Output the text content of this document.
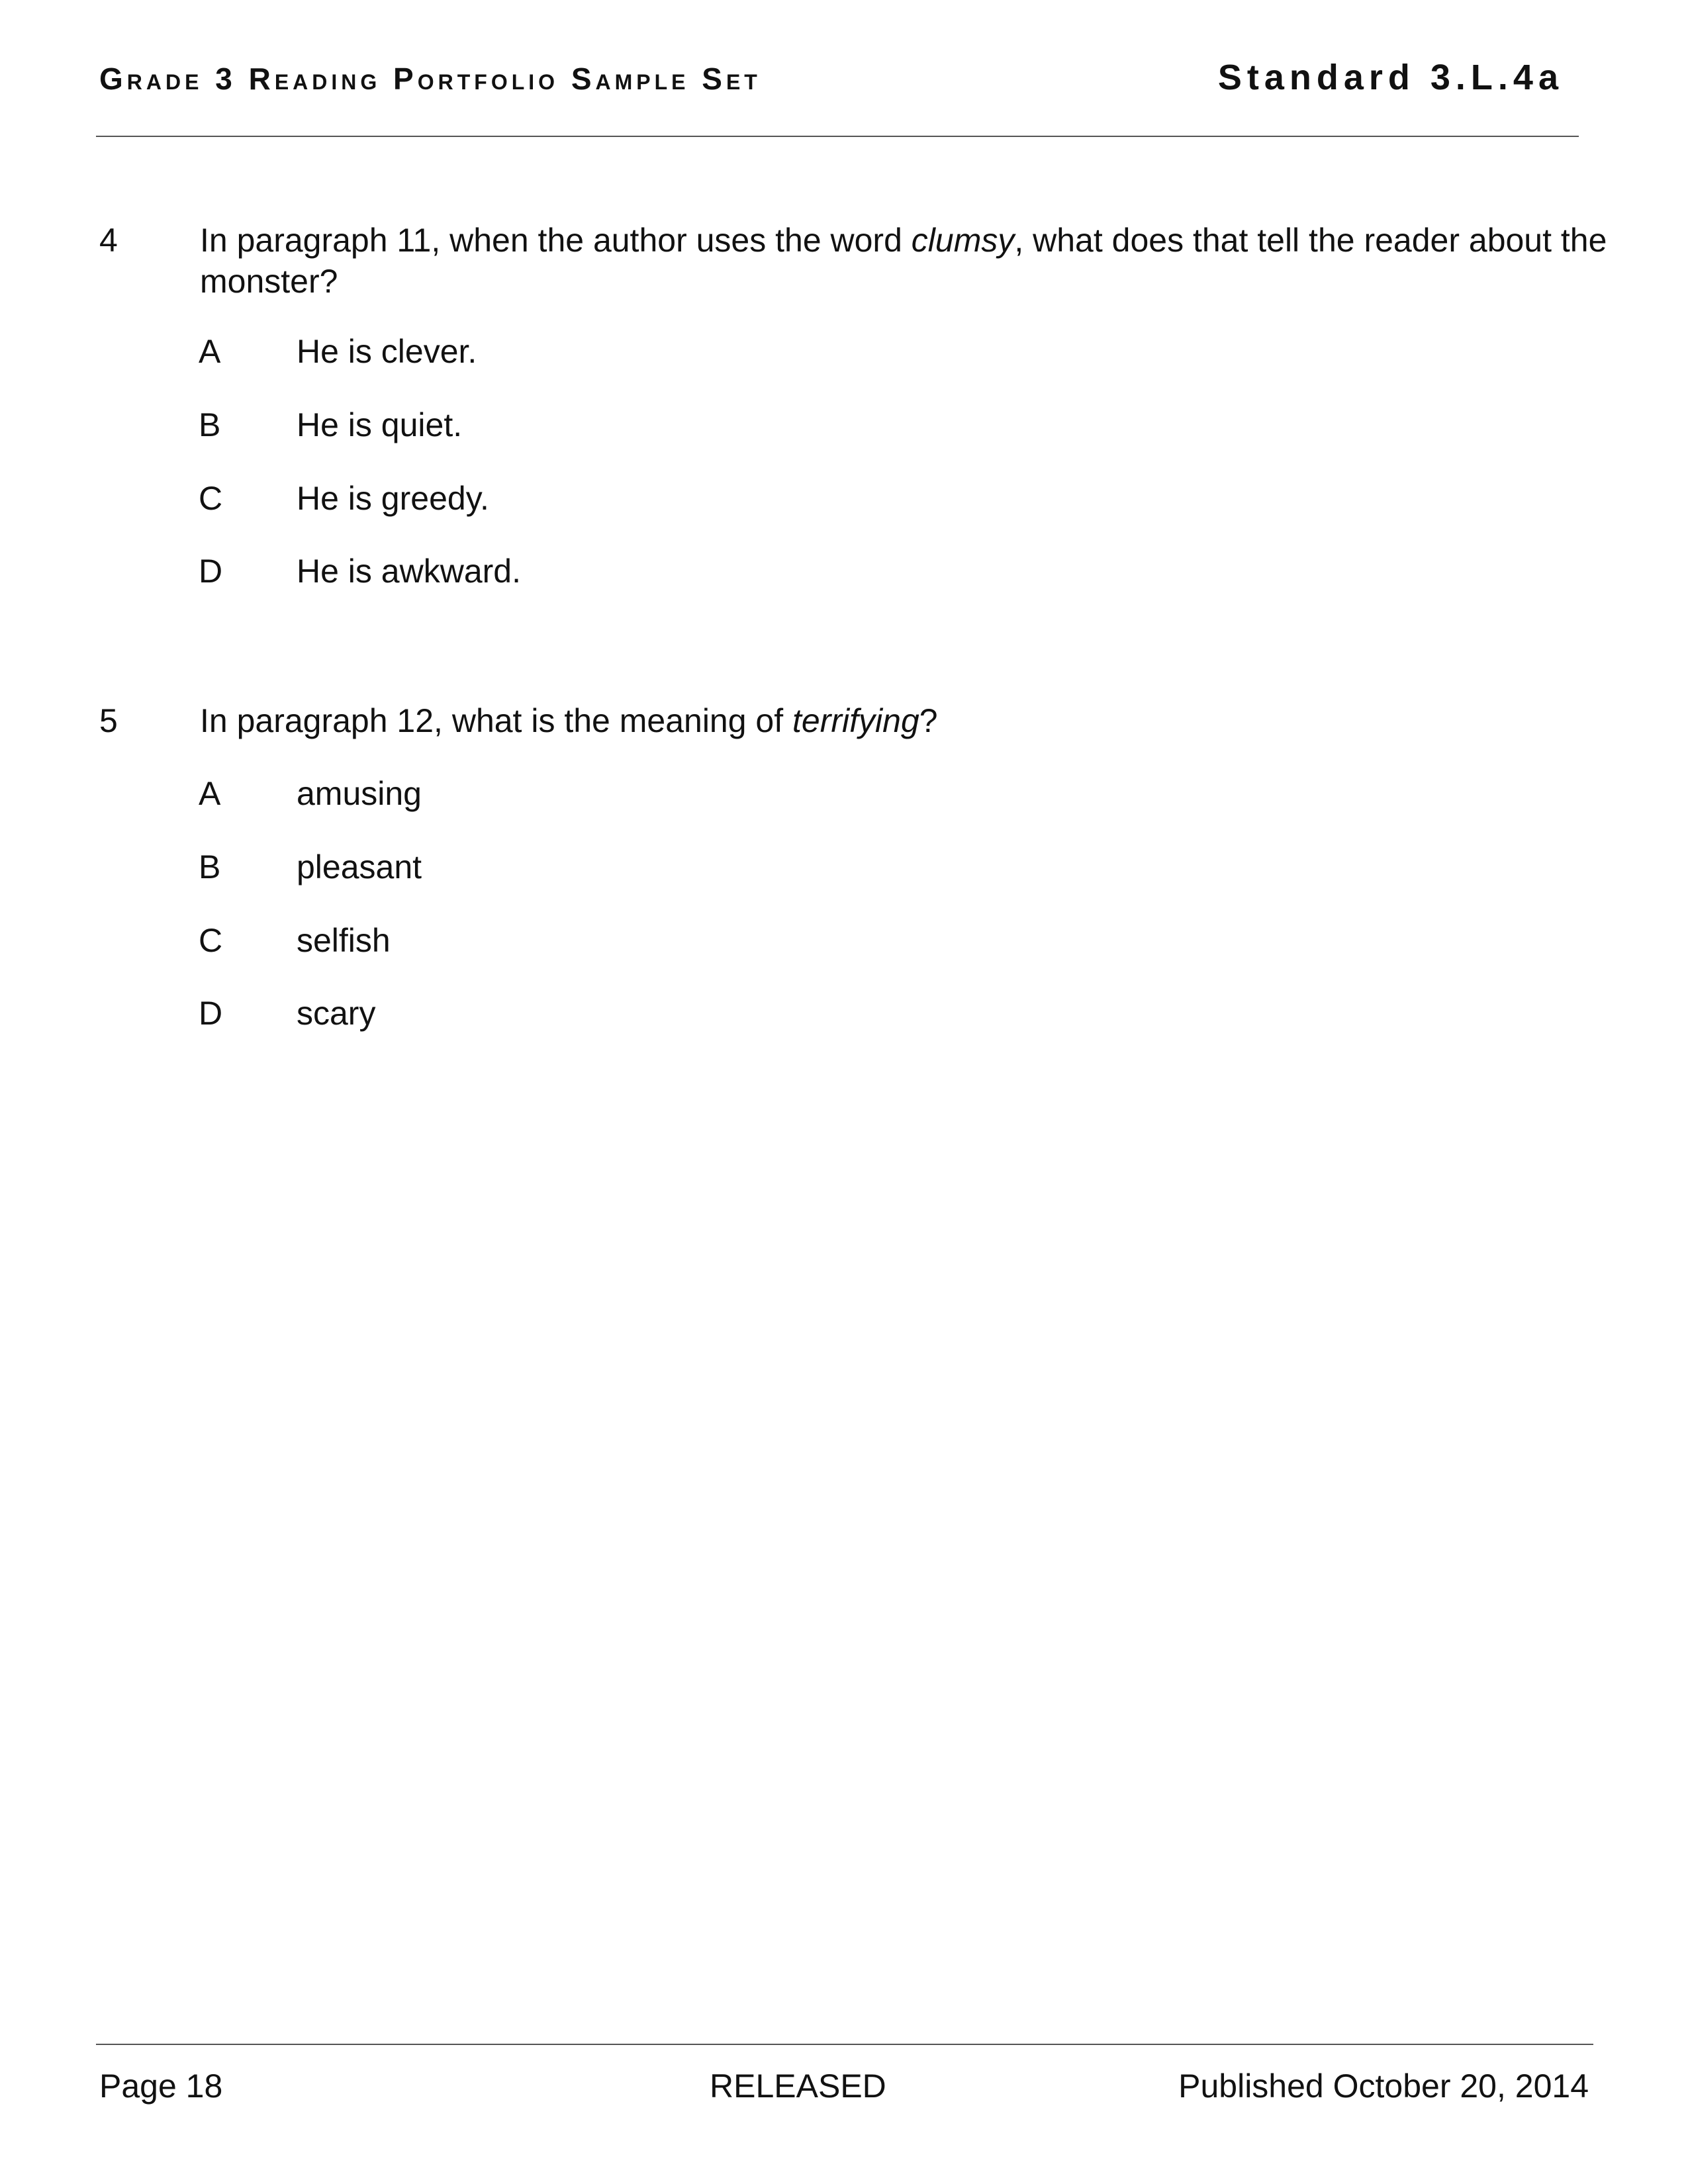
Grade 3 Reading Portfolio Sample Set	Standard 3.L.4a
4 In paragraph 11, when the author uses the word clumsy, what does that tell the reader about the monster?
A	He is clever.
B	He is quiet.
C	He is greedy.
D	He is awkward.
5 In paragraph 12, what is the meaning of terrifying?
A	amusing
B	pleasant
C	selfish
D	scary
Page 18	RELEASED	Published October 20, 2014
